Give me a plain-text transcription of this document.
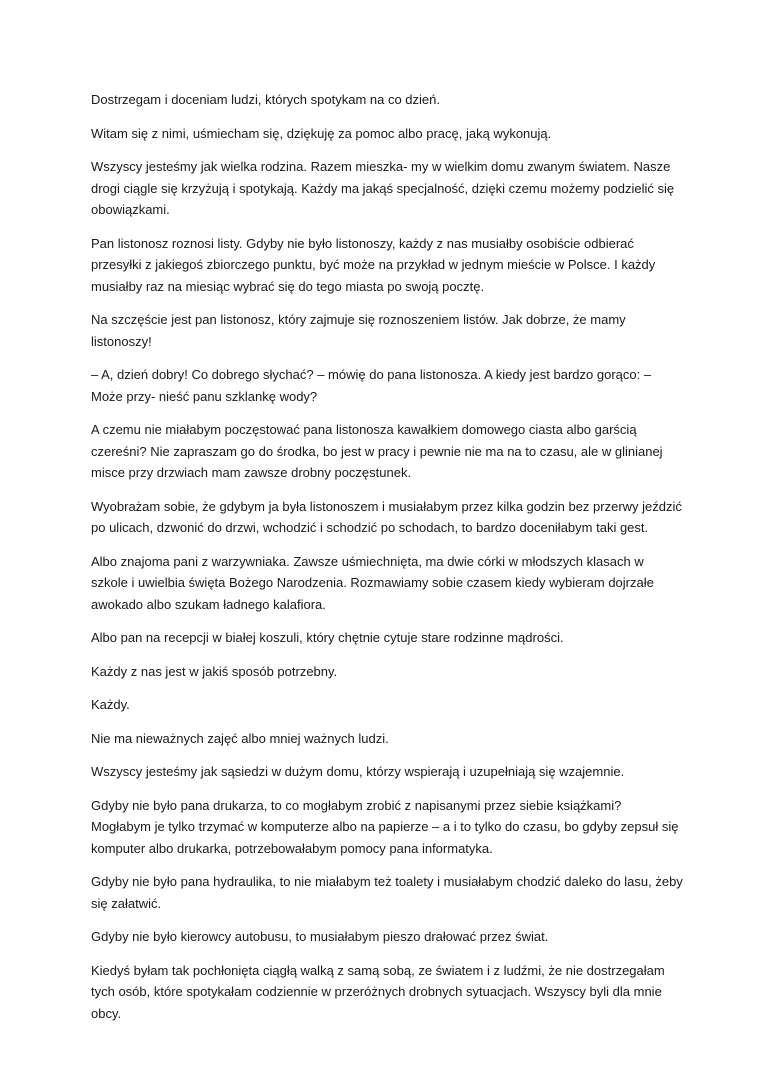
Dostrzegam i doceniam ludzi, których spotykam na co dzień.

Witam się z nimi, uśmiecham się, dziękuję za pomoc albo pracę, jaką wykonują.

Wszyscy jesteśmy jak wielka rodzina. Razem mieszka- my w wielkim domu zwanym światem. Nasze drogi ciągle się krzyżują i spotykają. Każdy ma jakąś specjalność, dzięki czemu możemy podzielić się obowiązkami.

Pan listonosz roznosi listy. Gdyby nie było listonoszy, każdy z nas musiałby osobiście odbierać przesyłki z jakiegoś zbiorczego punktu, być może na przykład w jednym mieście w Polsce. I każdy musiałby raz na miesiąc wybrać się do tego miasta po swoją pocztę.

Na szczęście jest pan listonosz, który zajmuje się roznoszeniem listów. Jak dobrze, że mamy listonoszy!

– A, dzień dobry! Co dobrego słychać? – mówię do pana listonosza. A kiedy jest bardzo gorąco: – Może przy- nieść panu szklankę wody?

A czemu nie miałabym poczęstować pana listonosza kawałkiem domowego ciasta albo garścią czereśni? Nie zapraszam go do środka, bo jest w pracy i pewnie nie ma na to czasu, ale w glinianej misce przy drzwiach mam zawsze drobny poczęstunek.

Wyobrażam sobie, że gdybym ja była listonoszem i musiałabym przez kilka godzin bez przerwy jeździć po ulicach, dzwonić do drzwi, wchodzić i schodzić po schodach, to bardzo doceniłabym taki gest.

Albo znajoma pani z warzywniaka. Zawsze uśmiechnięta, ma dwie córki w młodszych klasach w szkole i uwielbia święta Bożego Narodzenia. Rozmawiamy sobie czasem kiedy wybieram dojrzałe awokado albo szukam ładnego kalafiora.

Albo pan na recepcji w białej koszuli, który chętnie cytuje stare rodzinne mądrości.

Każdy z nas jest w jakiś sposób potrzebny.

Każdy.

Nie ma nieważnych zajęć albo mniej ważnych ludzi.

Wszyscy jesteśmy jak sąsiedzi w dużym domu, którzy wspierają i uzupełniają się wzajemnie.

Gdyby nie było pana drukarza, to co mogłabym zrobić z napisanymi przez siebie książkami? Mogłabym je tylko trzymać w komputerze albo na papierze – a i to tylko do czasu, bo gdyby zepsuł się komputer albo drukarka, potrzebowałabym pomocy pana informatyka.

Gdyby nie było pana hydraulika, to nie miałabym też toalety i musiałabym chodzić daleko do lasu, żeby się załatwić.

Gdyby nie było kierowcy autobusu, to musiałabym pieszo drałować przez świat.

Kiedyś byłam tak pochłonięta ciągłą walką z samą sobą, ze światem i z ludźmi, że nie dostrzegałam tych osób, które spotykałam codziennie w przeróżnych drobnych sytuacjach. Wszyscy byli dla mnie obcy.
